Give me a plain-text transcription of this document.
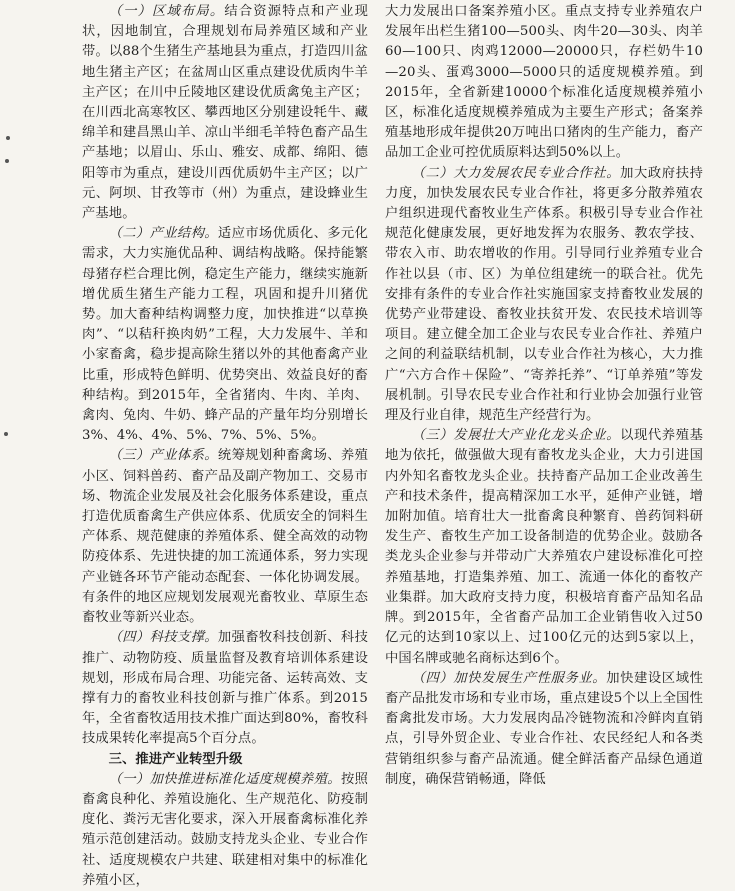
（一）区域布局。结合资源特点和产业现状，因地制宜，合理规划布局养殖区域和产业带。以88个生猪生产基地县为重点，打造四川盆地生猪主产区；在盆周山区重点建设优质肉牛羊主产区；在川中丘陵地区建设优质禽兔主产区；在川西北高寒牧区、攀西地区分别建设牦牛、藏绵羊和建昌黑山羊、凉山半细毛羊特色畜产品生产基地；以眉山、乐山、雅安、成都、绵阳、德阳等市为重点，建设川西优质奶牛主产区；以广元、阿坝、甘孜等市（州）为重点，建设蜂业生产基地。

（二）产业结构。适应市场优质化、多元化需求，大力实施优品种、调结构战略。保持能繁母猪存栏合理比例，稳定生产能力，继续实施新增优质生猪生产能力工程，巩固和提升川猪优势。加大畜种结构调整力度，加快推进“以草换肉”、“以秸秆换肉奶”工程，大力发展牛、羊和小家畜禽，稳步提高除生猪以外的其他畜禽产业比重，形成特色鲜明、优势突出、效益良好的畜种结构。到2015年，全省猪肉、牛肉、羊肉、禽肉、兔肉、牛奶、蜂产品的产量年均分别增长3%、4%、4%、5%、7%、5%、5%。

（三）产业体系。统筹规划种畜禽场、养殖小区、饲料兽药、畜产品及副产物加工、交易市场、物流企业发展及社会化服务体系建设，重点打造优质畜禽生产供应体系、优质安全的饲料生产体系、规范健康的养殖体系、健全高效的动物防疫体系、先进快捷的加工流通体系，努力实现产业链各环节产能动态配套、一体化协调发展。有条件的地区应规划发展观光畜牧业、草原生态畜牧业等新兴业态。

（四）科技支撑。加强畜牧科技创新、科技推广、动物防疫、质量监督及教育培训体系建设规划，形成布局合理、功能完备、运转高效、支撑有力的畜牧业科技创新与推广体系。到2015年，全省畜牧适用技术推广面达到80%，畜牧科技成果转化率提高5个百分点。

三、推进产业转型升级

（一）加快推进标准化适度规模养殖。按照畜禽良种化、养殖设施化、生产规范化、防疫制度化、粪污无害化要求，深入开展畜禽标准化养殖示范创建活动。鼓励支持龙头企业、专业合作社、适度规模农户共建、联建相对集中的标准化养殖小区，

大力发展出口备案养殖小区。重点支持专业养殖农户发展年出栏生猪100—500头、肉牛20—30头、肉羊60—100只、肉鸡12000—20000只，存栏奶牛10—20头、蛋鸡3000—5000只的适度规模养殖。到2015年，全省新建10000个标准化适度规模养殖小区，标准化适度规模养殖成为主要生产形式；备案养殖基地形成年提供20万吨出口猪肉的生产能力，畜产品加工企业可控优质原料达到50%以上。

（二）大力发展农民专业合作社。加大政府扶持力度，加快发展农民专业合作社，将更多分散养殖农户组织进现代畜牧业生产体系。积极引导专业合作社规范化健康发展，更好地发挥为农服务、教农学技、带农入市、助农增收的作用。引导同行业养殖专业合作社以县（市、区）为单位组建统一的联合社。优先安排有条件的专业合作社实施国家支持畜牧业发展的优势产业带建设、畜牧业扶贫开发、农民技术培训等项目。建立健全加工企业与农民专业合作社、养殖户之间的利益联结机制，以专业合作社为核心，大力推广“六方合作＋保险”、“寄养托养”、“订单养殖”等发展机制。引导农民专业合作社和行业协会加强行业管理及行业自律，规范生产经营行为。

（三）发展壮大产业化龙头企业。以现代养殖基地为依托，做强做大现有畜牧龙头企业，大力引进国内外知名畜牧龙头企业。扶持畜产品加工企业改善生产和技术条件，提高精深加工水平，延伸产业链，增加附加值。培育壮大一批畜禽良种繁育、兽药饲料研发生产、畜牧生产加工设备制造的优势企业。鼓励各类龙头企业参与并带动广大养殖农户建设标准化可控养殖基地，打造集养殖、加工、流通一体化的畜牧产业集群。加大政府支持力度，积极培育畜产品知名品牌。到2015年，全省畜产品加工企业销售收入过50亿元的达到10家以上、过100亿元的达到5家以上，中国名牌或驰名商标达到6个。

（四）加快发展生产性服务业。加快建设区域性畜产品批发市场和专业市场，重点建设5个以上全国性畜禽批发市场。大力发展肉品冷链物流和冷鲜肉直销点，引导外贸企业、专业合作社、农民经纪人和各类营销组织参与畜产品流通。健全鲜活畜产品绿色通道制度，确保营销畅通，降低
